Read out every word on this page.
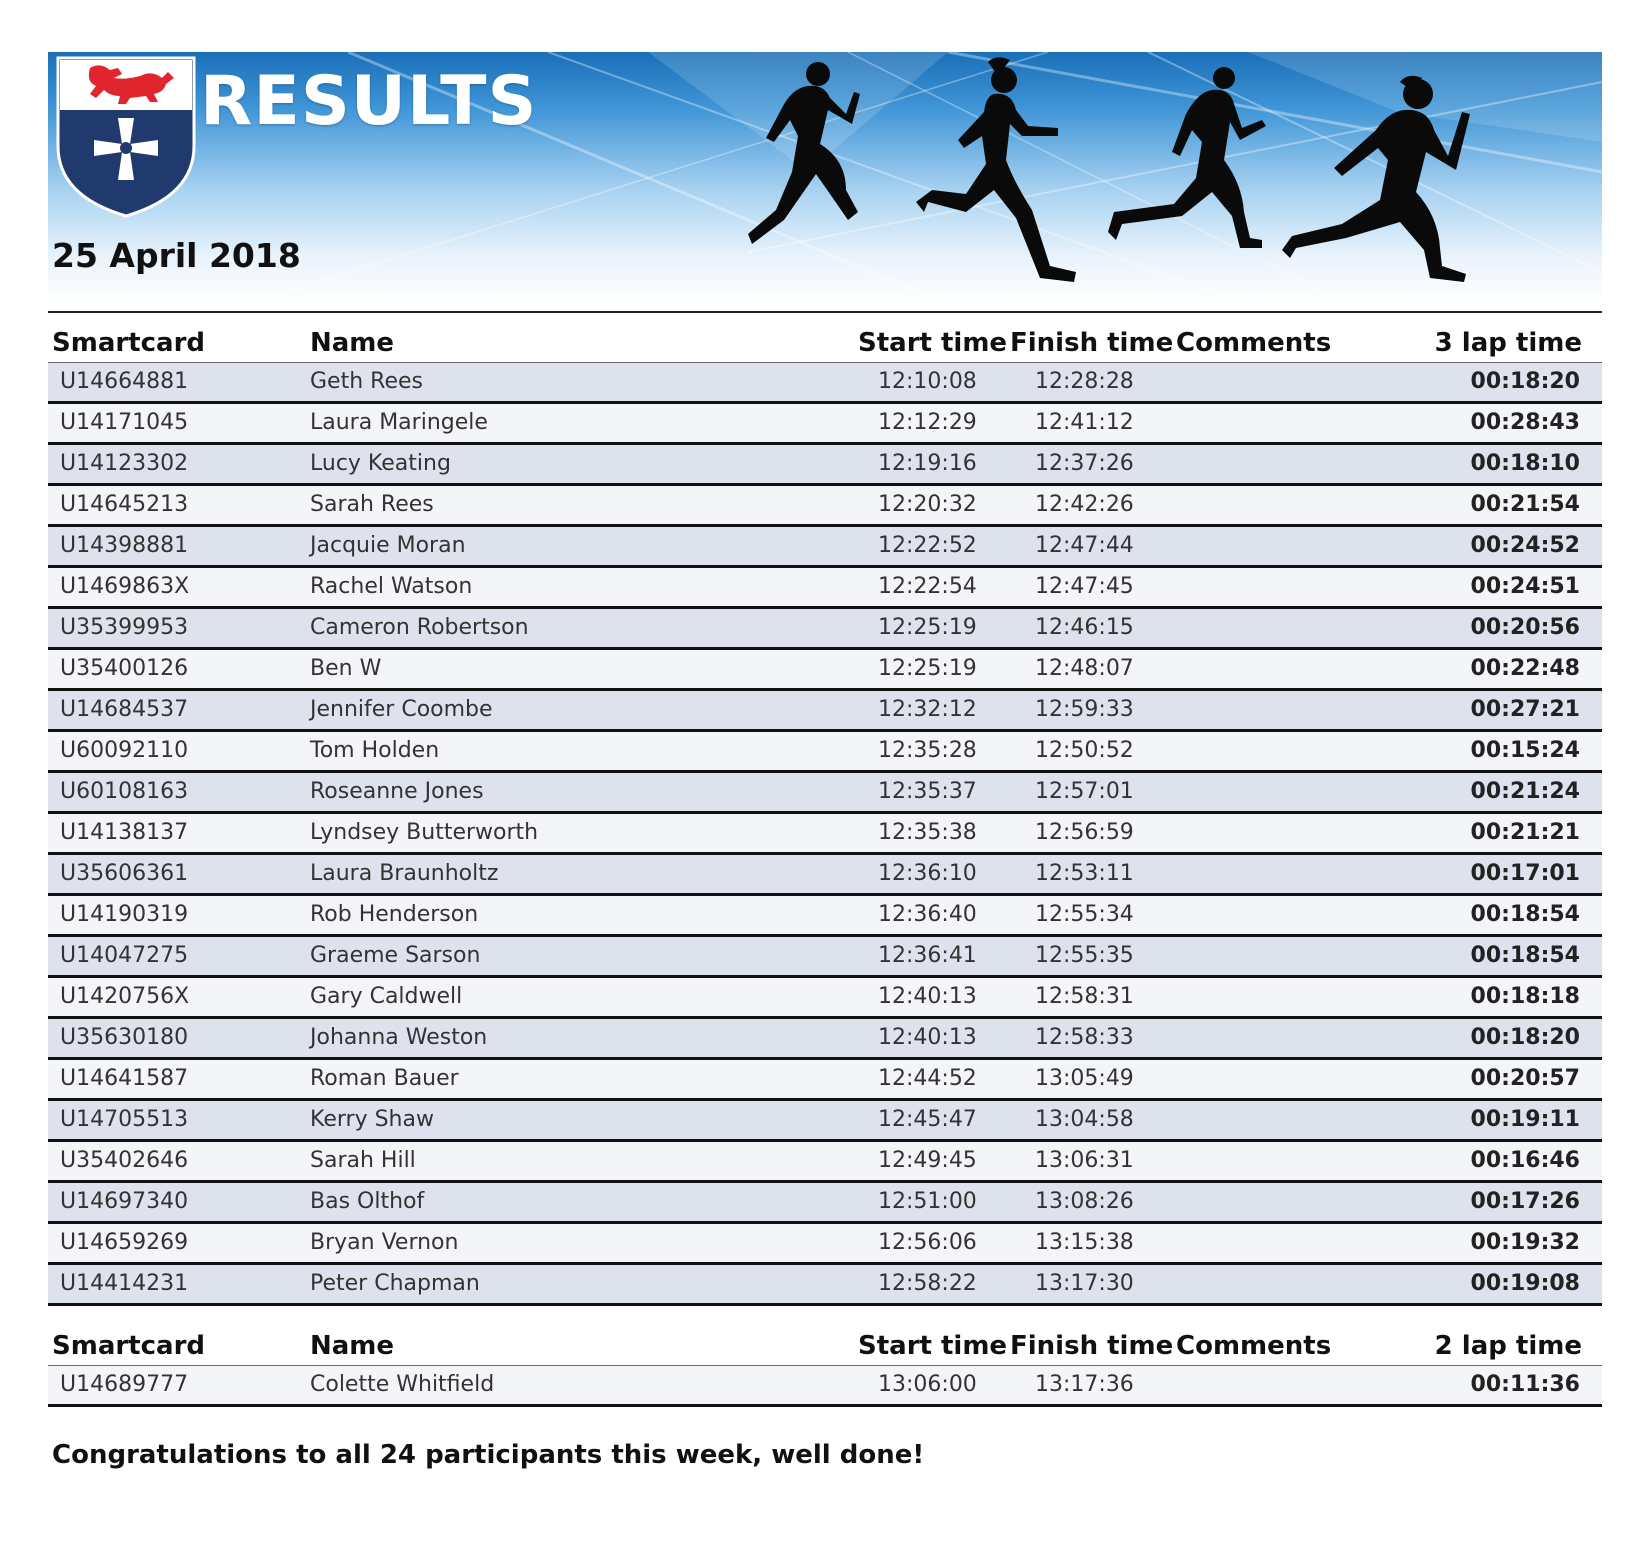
RESULTS
25 April 2018
Smartcard	Name	Start time Finish time Comments	3 lap time
U14664881	Geth Rees	12:10:08	12:28:28	00:18:20
U14171045	Laura Maringele	12:12:29	12:41:12	00:28:43
U14123302	Lucy Keating	12:19:16	12:37:26	00:18:10
U14645213	Sarah Rees	12:20:32	12:42:26	00:21:54
U14398881	Jacquie Moran	12:22:52	12:47:44	00:24:52
U1469863X	Rachel Watson	12:22:54	12:47:45	00:24:51
U35399953	Cameron Robertson	12:25:19	12:46:15	00:20:56
U35400126	Ben W	12:25:19	12:48:07	00:22:48
U14684537	Jennifer Coombe	12:32:12	12:59:33	00:27:21
U60092110	Tom Holden	12:35:28	12:50:52	00:15:24
U60108163	Roseanne Jones	12:35:37	12:57:01	00:21:24
U14138137	Lyndsey Butterworth	12:35:38	12:56:59	00:21:21
U35606361	Laura Braunholtz	12:36:10	12:53:11	00:17:01
U14190319	Rob Henderson	12:36:40	12:55:34	00:18:54
U14047275	Graeme Sarson	12:36:41	12:55:35	00:18:54
U1420756X	Gary Caldwell	12:40:13	12:58:31	00:18:18
U35630180	Johanna Weston	12:40:13	12:58:33	00:18:20
U14641587	Roman Bauer	12:44:52	13:05:49	00:20:57
U14705513	Kerry Shaw	12:45:47	13:04:58	00:19:11
U35402646	Sarah Hill	12:49:45	13:06:31	00:16:46
U14697340	Bas Olthof	12:51:00	13:08:26	00:17:26
U14659269	Bryan Vernon	12:56:06	13:15:38	00:19:32
U14414231	Peter Chapman	12:58:22	13:17:30	00:19:08
Smartcard	Name	Start time Finish time Comments	2 lap time
U14689777	Colette Whitfield	13:06:00	13:17:36	00:11:36
Congratulations to all 24 participants this week, well done!
